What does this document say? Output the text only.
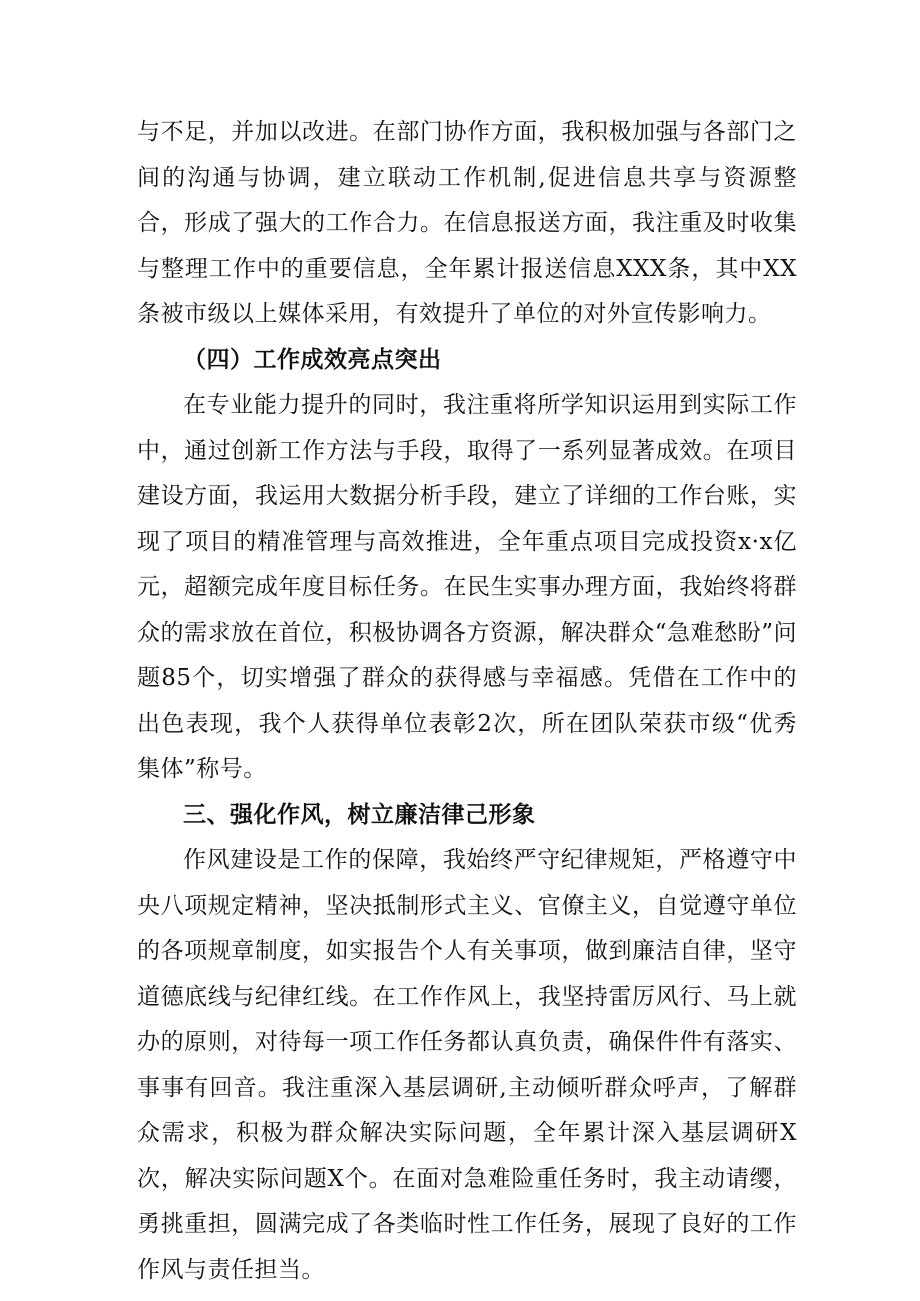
与不足，并加以改进。在部门协作方面，我积极加强与各部门之间的沟通与协调，建立联动工作机制,促进信息共享与资源整合，形成了强大的工作合力。在信息报送方面，我注重及时收集与整理工作中的重要信息，全年累计报送信息XXX条，其中XX条被市级以上媒体采用，有效提升了单位的对外宣传影响力。

（四）工作成效亮点突出

在专业能力提升的同时，我注重将所学知识运用到实际工作中，通过创新工作方法与手段，取得了一系列显著成效。在项目建设方面，我运用大数据分析手段，建立了详细的工作台账，实现了项目的精准管理与高效推进，全年重点项目完成投资x·x亿元，超额完成年度目标任务。在民生实事办理方面，我始终将群众的需求放在首位，积极协调各方资源，解决群众“急难愁盼”问题85个，切实增强了群众的获得感与幸福感。凭借在工作中的出色表现，我个人获得单位表彰2次，所在团队荣获市级“优秀集体”称号。

三、强化作风，树立廉洁律己形象

作风建设是工作的保障，我始终严守纪律规矩，严格遵守中央八项规定精神，坚决抵制形式主义、官僚主义，自觉遵守单位的各项规章制度，如实报告个人有关事项，做到廉洁自律，坚守道德底线与纪律红线。在工作作风上，我坚持雷厉风行、马上就办的原则，对待每一项工作任务都认真负责，确保件件有落实、事事有回音。我注重深入基层调研,主动倾听群众呼声，了解群众需求，积极为群众解决实际问题，全年累计深入基层调研X次，解决实际问题X个。在面对急难险重任务时，我主动请缨，勇挑重担，圆满完成了各类临时性工作任务，展现了良好的工作作风与责任担当。
